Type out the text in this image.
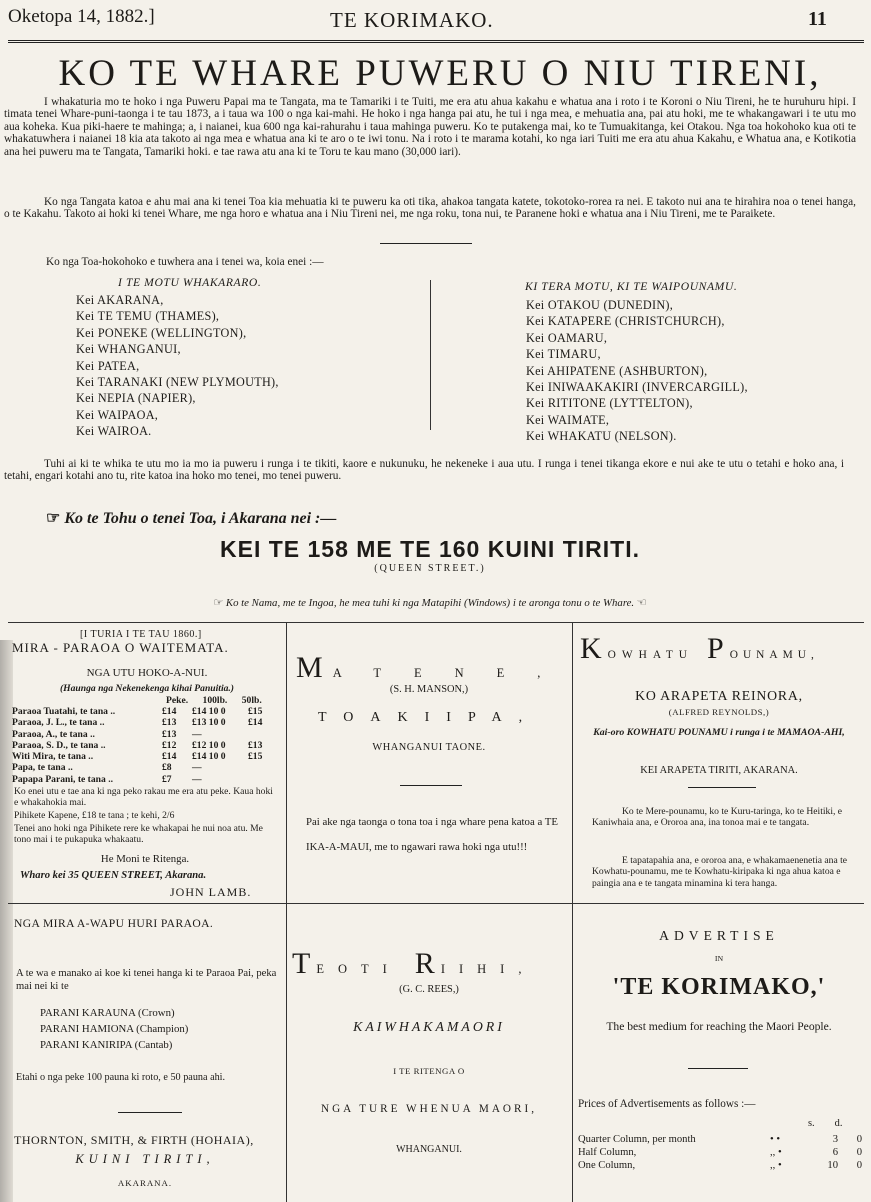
Oketopa 14, 1882.]	TE KORIMAKO.	11
KO TE WHARE PUWERU O NIU TIRENI,
I whakaturia mo te hoko i nga Puweru Papai ma te Tangata, ma te Tamariki i te Tuiti, me era atu ahua kakahu e whatua ana i roto i te Koroni o Niu Tireni, he te huruhuru hipi. I timata tenei Whare-puni-taonga i te tau 1873, a i taua wa 100 o nga kai-mahi. He hoko i nga hanga pai atu, he tui i nga mea, e mehuatia ana, pai atu hoki, me te whakangawari i te utu mo aua koheka. Kua piki-haere te mahinga; a, i naianei, kua 600 nga kai-rahurahu i taua mahinga puweru. Ko te putakenga mai, ko te Tumuakitanga, kei Otakou. Nga toa hokohoko kua oti te whakatuwhera i naianei 18 kia ata takoto ai nga mea e whatua ana ki te aro o te iwi tonu. Na i roto i te marama kotahi, ko nga iari Tuiti me era atu ahua Kakahu, e Whatua ana, e Kotikotia ana hei puweru ma te Tangata, Tamariki hoki. e tae rawa atu ana ki te Toru te kau mano (30,000 iari).
Ko nga Tangata katoa e ahu mai ana ki tenei Toa kia mehuatia ki te puweru ka oti tika, ahakoa tangata katete, tokotoko-rorea ra nei. E takoto nui ana te hirahira noa o tenei hanga, o te Kakahu. Takoto ai hoki ki tenei Whare, me nga horo e whatua ana i Niu Tireni nei, me nga roku, tona nui, te Paranene hoki e whatua ana i Niu Tireni, me te Paraikete.
Ko nga Toa-hokohoko e tuwhera ana i tenei wa, koia enei :—
I TE MOTU WHAKARARO.	KI TERA MOTU, KI TE WAIPOUNAMU.
Kei AKARANA,
Kei TE TEMU (THAMES),
Kei PONEKE (WELLINGTON),
Kei WHANGANUI,
Kei PATEA,
Kei TARANAKI (NEW PLYMOUTH),
Kei NEPIA (NAPIER),
Kei WAIPAOA,
Kei WAIROA.
Kei OTAKOU (DUNEDIN),
Kei KATAPERE (CHRISTCHURCH),
Kei OAMARU,
Kei TIMARU,
Kei AHIPATENE (ASHBURTON),
Kei INIWAAKAKIRI (INVERCARGILL),
Kei RITITONE (LYTTELTON),
Kei WAIMATE,
Kei WHAKATU (NELSON).
Tuhi ai ki te whika te utu mo ia mo ia puweru i runga i te tikiti, kaore e nukunuku, he nekeneke i aua utu. I runga i tenei tikanga ekore e nui ake te utu o tetahi e hoko ana, i tetahi, engari kotahi ano tu, rite katoa ina hoko mo tenei, mo tenei puweru.
☞ Ko te Tohu o tenei Toa, i Akarana nei :—
KEI TE 158 ME TE 160 KUINI TIRITI.
(QUEEN STREET.)
☞ Ko te Nama, me te Ingoa, he mea tuhi ki nga Matapihi (Windows) i te aronga tonu o te Whare. ☜
[I TURIA I TE TAU 1860.]
MIRA - PARAOA O WAITEMATA.
NGA UTU HOKO-A-NUI.
(Haunga nga Nekenekenga kihai Panuitia.)
Peke. 100lb. 50lb.
Paraoa Tuatahi, te tana ..	£14	£14 10 0	£15
Paraoa, J. L., te tana ..	£13	£13 10 0	£14
Paraoa, A., te tana ..	£13	—
Paraoa, S. D., te tana ..	£12	£12 10 0	£13
Witi Mira, te tana ..	£14	£14 10 0	£15
Papa, te tana ..	£8	—
Papapa Parani, te tana ..	£7	—
Ko enei utu e tae ana ki nga peko rakau me era atu peke. Kaua hoki e whakahokia mai.
Pihikete Kapene, £18 te tana ; te kehi, 2/6
Tenei ano hoki nga Pihikete rere ke whakapai he nui noa atu. Me tono mai i te pukapuka whakaatu.
He Moni te Ritenga.
Wharo kei 35 QUEEN STREET, Akarana.
JOHN LAMB.
NGA MIRA A-WAPU HURI PARAOA.
A te wa e manako ai koe ki tenei hanga ki te Paraoa Pai, peka mai nei ki te
PARANI KARAUNA (Crown)
PARANI HAMIONA (Champion)
PARANI KANIRIPA (Cantab)
Etahi o nga peke 100 pauna ki roto, e 50 pauna ahi.
THORNTON, SMITH, & FIRTH (HOHAIA),
KUINI TIRITI,
AKARANA.
MATENE,
(S. H. MANSON,)
TOAKIIPA,
WHANGANUI TAONE.
Pai ake nga taonga o tona toa i nga whare pena katoa a TE IKA-A-MAUI, me to ngawari rawa hoki nga utu!!!
TEOTI R IIHI,
(G. C. REES,)
KAIWHAKAMAORI
I TE RITENGA O
NGA TURE WHENUA MAORI,
WHANGANUI.
KOWHATU P OUNAMU,
KO ARAPETA REINORA,
(ALFRED REYNOLDS,)
Kai-oro KOWHATU POUNAMU i runga i te MAMAOA-AHI,
KEI ARAPETA TIRITI, AKARANA.
Ko te Mere-pounamu, ko te Kuru-taringa, ko te Heitiki, e Kaniwhaia ana, e Ororoa ana, ina tonoa mai e te tangata.
E tapatapahia ana, e ororoa ana, e whakamaenenetia ana te Kowhatu-pounamu, me te Kowhatu-kiripaka ki nga ahua katoa e paingia ana e te tangata minamina ki tera hanga.
ADVERTISE
IN
'TE KORIMAKO,'
The best medium for reaching the Maori People.
Prices of Advertisements as follows :—
s. d.
Quarter Column, per month	• •	3	0
Half Column,	,, •	6	0
One Column,	,, •	10	0
